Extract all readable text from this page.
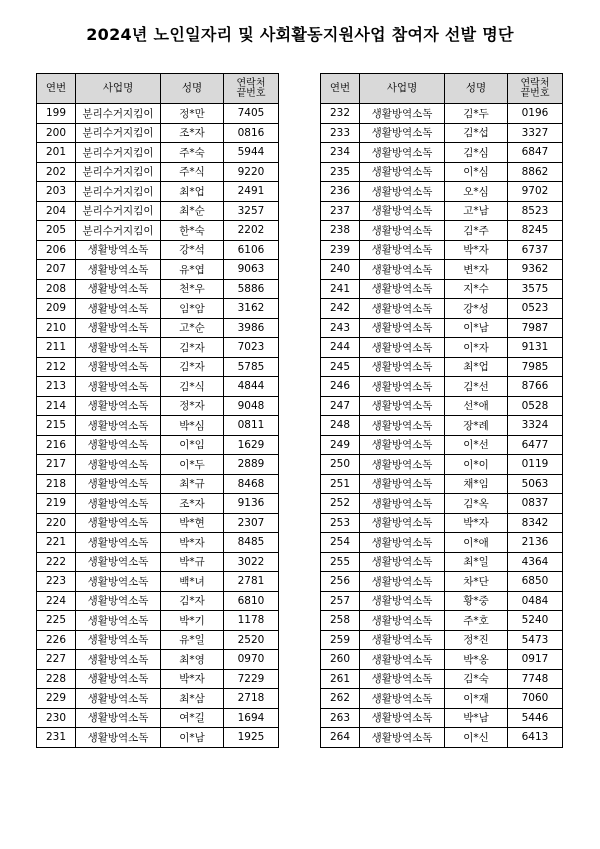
2024년 노인일자리 및 사회활동지원사업 참여자 선발 명단
연번	사업명	성명	연락처
끝번호
199	분리수거지킴이	정*만	7405
200	분리수거지킴이	조*자	0816
201	분리수거지킴이	주*숙	5944
202	분리수거지킴이	주*식	9220
203	분리수거지킴이	최*업	2491
204	분리수거지킴이	최*순	3257
205	분리수거지킴이	한*숙	2202
206	생활방역소독	강*석	6106
207	생활방역소독	유*엽	9063
208	생활방역소독	천*우	5886
209	생활방역소독	임*암	3162
210	생활방역소독	고*순	3986
211	생활방역소독	김*자	7023
212	생활방역소독	김*자	5785
213	생활방역소독	김*식	4844
214	생활방역소독	정*자	9048
215	생활방역소독	박*심	0811
216	생활방역소독	이*임	1629
217	생활방역소독	이*두	2889
218	생활방역소독	최*규	8468
219	생활방역소독	조*자	9136
220	생활방역소독	박*현	2307
221	생활방역소독	박*자	8485
222	생활방역소독	박*규	3022
223	생활방역소독	백*녀	2781
224	생활방역소독	김*자	6810
225	생활방역소독	박*기	1178
226	생활방역소독	유*일	2520
227	생활방역소독	최*영	0970
228	생활방역소독	박*자	7229
229	생활방역소독	최*삼	2718
230	생활방역소독	여*길	1694
231	생활방역소독	이*남	1925
연번	사업명	성명	연락처
끝번호
232	생활방역소독	김*두	0196
233	생활방역소독	김*섭	3327
234	생활방역소독	김*심	6847
235	생활방역소독	이*심	8862
236	생활방역소독	오*심	9702
237	생활방역소독	고*남	8523
238	생활방역소독	김*주	8245
239	생활방역소독	박*자	6737
240	생활방역소독	변*자	9362
241	생활방역소독	지*수	3575
242	생활방역소독	강*성	0523
243	생활방역소독	이*남	7987
244	생활방역소독	이*자	9131
245	생활방역소독	최*업	7985
246	생활방역소독	김*선	8766
247	생활방역소독	선*애	0528
248	생활방역소독	장*례	3324
249	생활방역소독	이*선	6477
250	생활방역소독	이*이	0119
251	생활방역소독	채*임	5063
252	생활방역소독	김*옥	0837
253	생활방역소독	박*자	8342
254	생활방역소독	이*애	2136
255	생활방역소독	최*일	4364
256	생활방역소독	차*단	6850
257	생활방역소독	황*중	0484
258	생활방역소독	주*호	5240
259	생활방역소독	정*진	5473
260	생활방역소독	박*옹	0917
261	생활방역소독	김*숙	7748
262	생활방역소독	이*재	7060
263	생활방역소독	박*남	5446
264	생활방역소독	이*신	6413
